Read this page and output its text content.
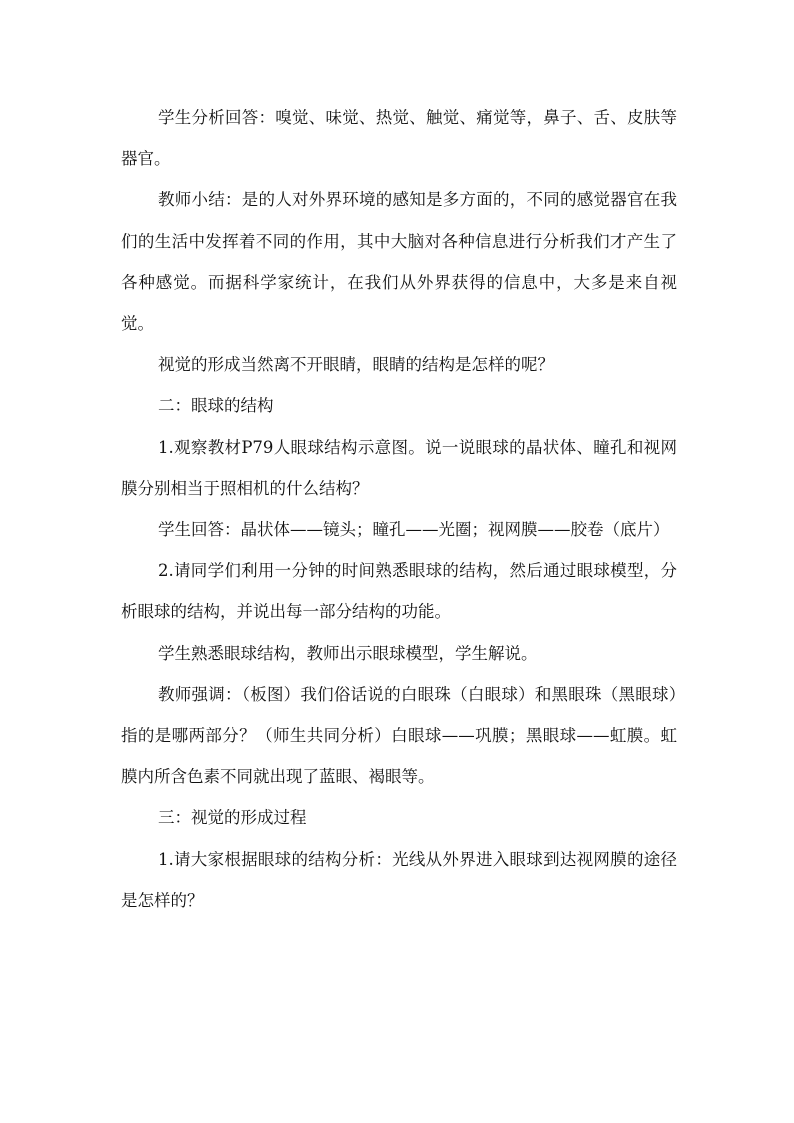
学生分析回答：嗅觉、味觉、热觉、触觉、痛觉等，鼻子、舌、皮肤等器官。

教师小结：是的人对外界环境的感知是多方面的，不同的感觉器官在我们的生活中发挥着不同的作用，其中大脑对各种信息进行分析我们才产生了各种感觉。而据科学家统计，在我们从外界获得的信息中，大多是来自视觉。

视觉的形成当然离不开眼睛，眼睛的结构是怎样的呢？

二：眼球的结构

1.观察教材P79人眼球结构示意图。说一说眼球的晶状体、瞳孔和视网膜分别相当于照相机的什么结构？

学生回答：晶状体——镜头；瞳孔——光圈；视网膜——胶卷（底片）

2.请同学们利用一分钟的时间熟悉眼球的结构，然后通过眼球模型，分析眼球的结构，并说出每一部分结构的功能。

学生熟悉眼球结构，教师出示眼球模型，学生解说。

教师强调：（板图）我们俗话说的白眼珠（白眼球）和黑眼珠（黑眼球）指的是哪两部分？（师生共同分析）白眼球——巩膜；黑眼球——虹膜。虹膜内所含色素不同就出现了蓝眼、褐眼等。

三：视觉的形成过程

1.请大家根据眼球的结构分析：光线从外界进入眼球到达视网膜的途径是怎样的？
